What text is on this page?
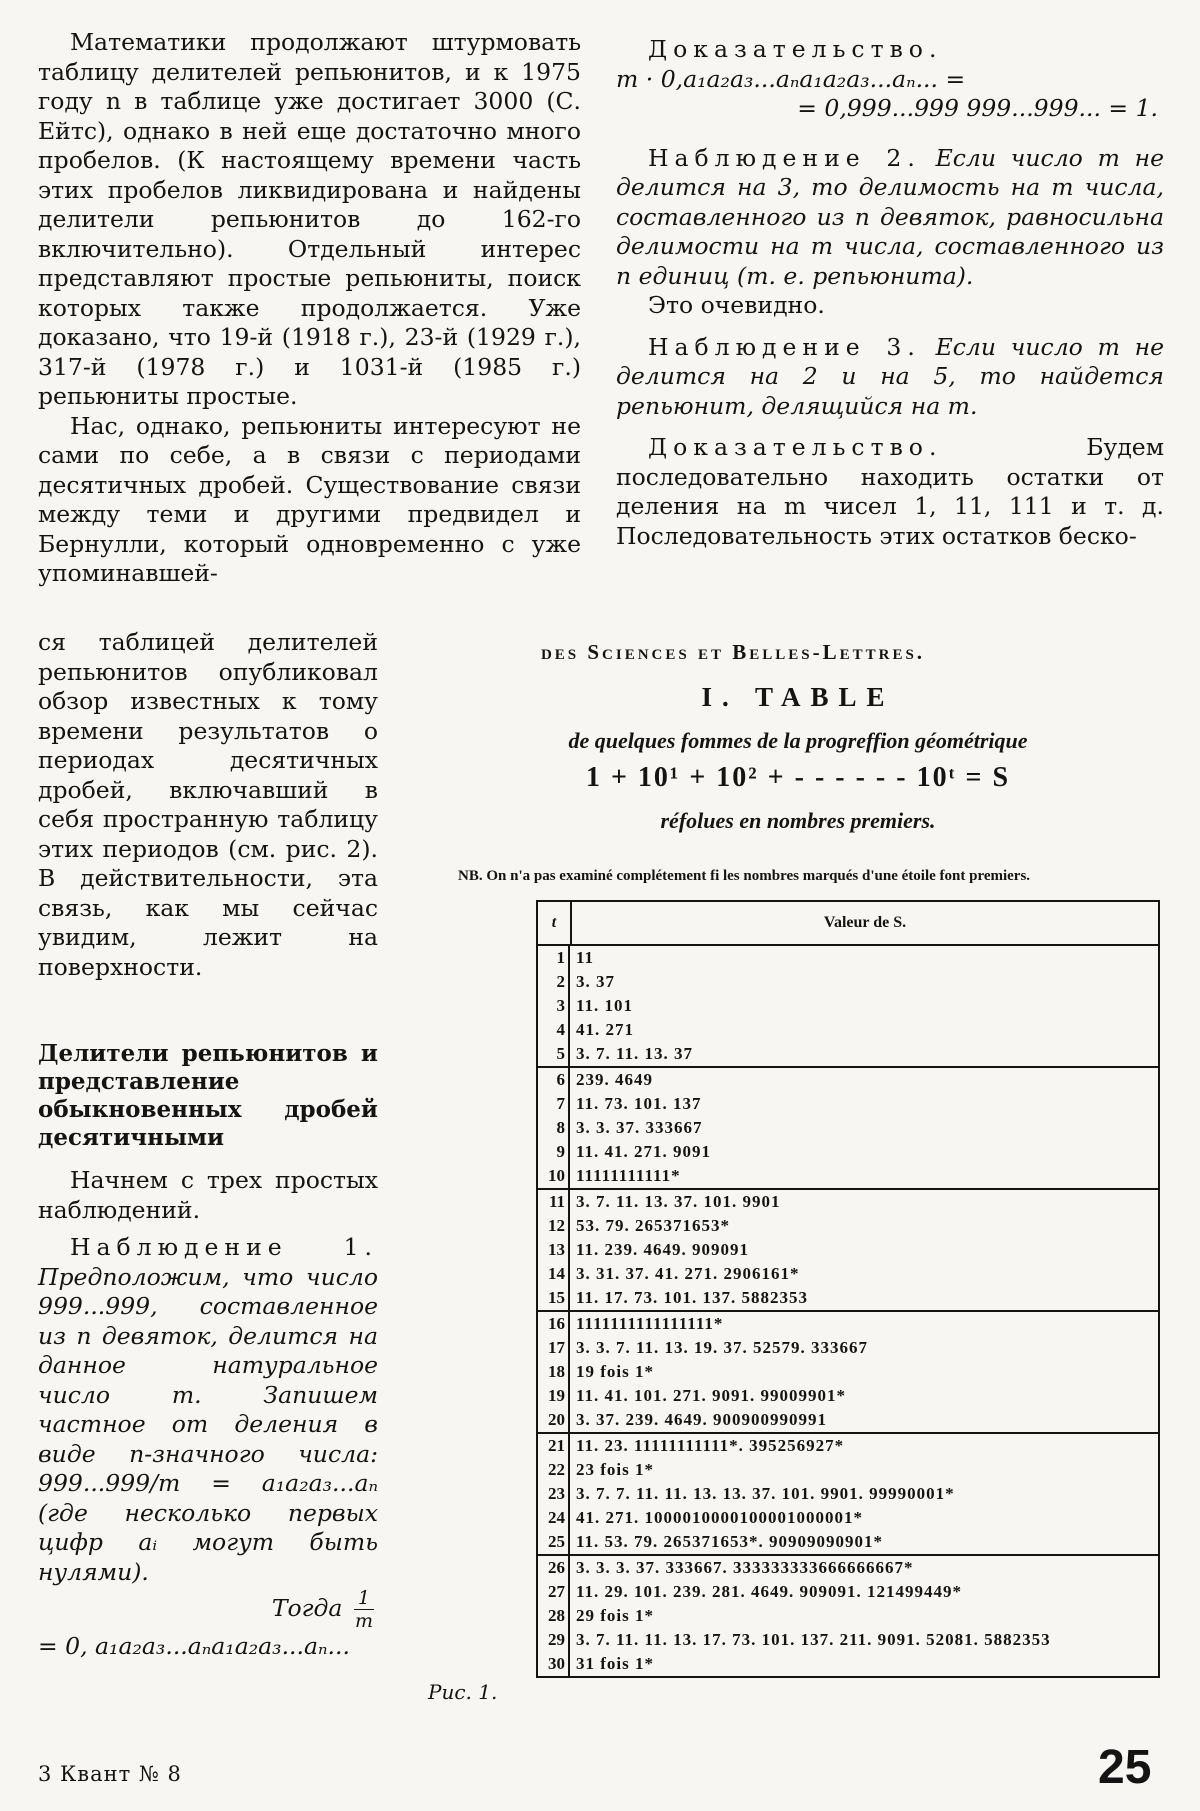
Математики продолжают штурмовать таблицу делителей репьюнитов, и к 1975 году n в таблице уже достигает 3000 (С. Ейтс), однако в ней еще достаточно много пробелов. (К настоящему времени часть этих пробелов ликвидирована и найдены делители репьюнитов до 162-го включительно). Отдельный интерес представляют простые репьюниты, поиск которых также продолжается. Уже доказано, что 19-й (1918 г.), 23-й (1929 г.), 317-й (1978 г.) и 1031-й (1985 г.) репьюниты простые.

Нас, однако, репьюниты интересуют не сами по себе, а в связи с периодами десятичных дробей. Существование связи между теми и другими предвидел и Бернулли, который одновременно с уже упоминавшей-

ся таблицей делителей репьюнитов опубликовал обзор известных к тому времени результатов о периодах десятичных дробей, включавший в себя пространную таблицу этих периодов (см. рис. 2). В действительности, эта связь, как мы сейчас увидим, лежит на поверхности.

Делители репьюнитов и представление обыкновенных дробей десятичными

Начнем с трех простых наблюдений.

Наблюдение 1. Предположим, что число 999...999, составленное из n девяток, делится на данное натуральное число m. Запишем частное от деления в виде n-значного числа: 999...999/m = a₁a₂a₃...aₙ (где несколько первых цифр aᵢ могут быть нулями).

Тогда $\frac{1}{m}$

= 0, a₁a₂a₃...aₙa₁a₂a₃...aₙ...

Доказательство.

m · 0,a₁a₂a₃...aₙa₁a₂a₃...aₙ... =
= 0,999...999 999...999... = 1.

Наблюдение 2. Если число m не делится на 3, то делимость на m числа, составленного из n девяток, равносильна делимости на m числа, составленного из n единиц (т. е. репьюнита).

Это очевидно.

Наблюдение 3. Если число m не делится на 2 и на 5, то найдется репьюнит, делящийся на m.

Доказательство.	Будем последовательно находить остатки от деления на m чисел 1, 11, 111 и т. д. Последовательность этих остатков беско-

des Sciences et Belles-Lettres.
I. TABLE
de quelques fommes de la progreffion géométrique
1 + 10¹ + 10² + - - - - - - 10ᵗ = S
réfolues en nombres premiers.
NB. On n'a pas examiné complétement fi les nombres marqués d'une étoile font premiers.
t	Valeur de S.
1 11
2 3. 37
3 11. 101
4 41. 271
5 3. 7. 11. 13. 37
6 239. 4649
7 11. 73. 101. 137
8 3. 3. 37. 333667
9 11. 41. 271. 9091
10 11111111111*
11 3. 7. 11. 13. 37. 101. 9901
12 53. 79. 265371653*
13 11. 239. 4649. 909091
14 3. 31. 37. 41. 271. 2906161*
15 11. 17. 73. 101. 137. 5882353
16 1111111111111111*
17 3. 3. 7. 11. 13. 19. 37. 52579. 333667
18 19 fois 1*
19 11. 41. 101. 271. 9091. 99009901*
20 3. 37. 239. 4649. 900900990991
21 11. 23. 11111111111*. 395256927*
22 23 fois 1*
23 3. 7. 7. 11. 11. 13. 13. 37. 101. 9901. 99990001*
24 41. 271. 1000010000100001000001*
25 11. 53. 79. 265371653*. 90909090901*
26 3. 3. 3. 37. 333667. 333333333666666667*
27 11. 29. 101. 239. 281. 4649. 909091. 121499449*
28 29 fois 1*
29 3. 7. 11. 11. 13. 17. 73. 101. 137. 211. 9091. 52081. 5882353
30 31 fois 1*
Рис. 1.
3 Квант № 8	25
